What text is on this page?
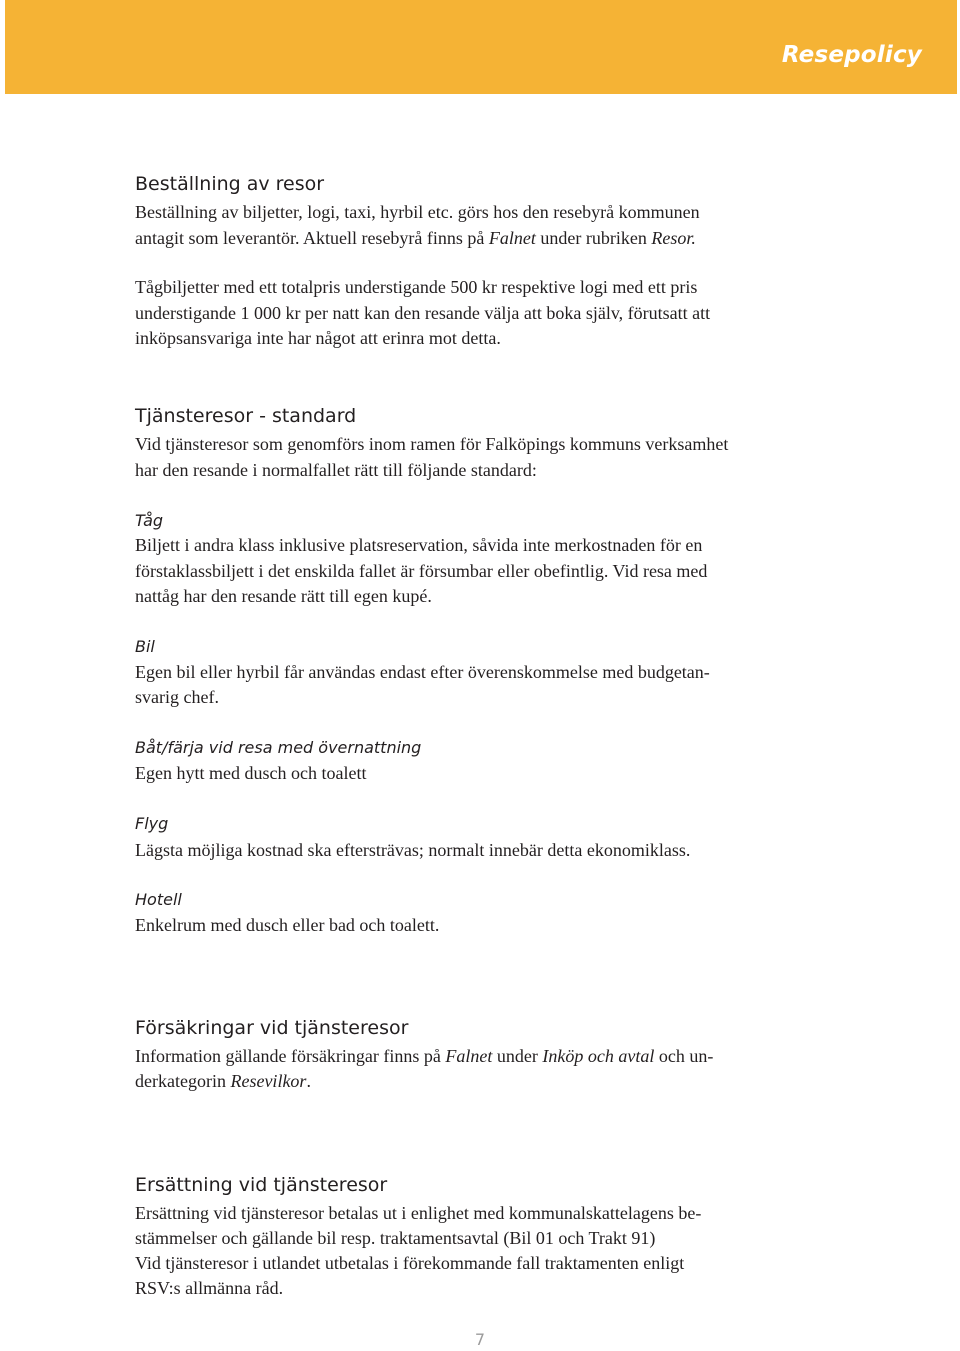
Resepolicy
Beställning av resor
Beställning av biljetter, logi, taxi, hyrbil etc. görs hos den resebyrå kommunen
antagit som leverantör. Aktuell resebyrå finns på Falnet under rubriken Resor.
Tågbiljetter med ett totalpris understigande 500 kr respektive logi med ett pris
understigande 1 000 kr per natt kan den resande välja att boka själv, förutsatt att
inköpsansvariga inte har något att erinra mot detta.
Tjänsteresor - standard
Vid tjänsteresor som genomförs inom ramen för Falköpings kommuns verksamhet
har den resande i normalfallet rätt till följande standard:
Tåg
Biljett i andra klass inklusive platsreservation, såvida inte merkostnaden för en
förstaklassbiljett i det enskilda fallet är försumbar eller obefintlig. Vid resa med
nattåg har den resande rätt till egen kupé.
Bil
Egen bil eller hyrbil får användas endast efter överenskommelse med budgetan-
svarig chef.
Båt/färja vid resa med övernattning
Egen hytt med dusch och toalett
Flyg
Lägsta möjliga kostnad ska eftersträvas; normalt innebär detta ekonomiklass.
Hotell
Enkelrum med dusch eller bad och toalett.
Försäkringar vid tjänsteresor
Information gällande försäkringar finns på Falnet under Inköp och avtal och un-
derkategorin Resevilkor.
Ersättning vid tjänsteresor
Ersättning vid tjänsteresor betalas ut i enlighet med kommunalskattelagens be-
stämmelser och gällande bil resp. traktamentsavtal (Bil 01 och Trakt 91)
Vid tjänsteresor i utlandet utbetalas i förekommande fall traktamenten enligt
RSV:s allmänna råd.
7
